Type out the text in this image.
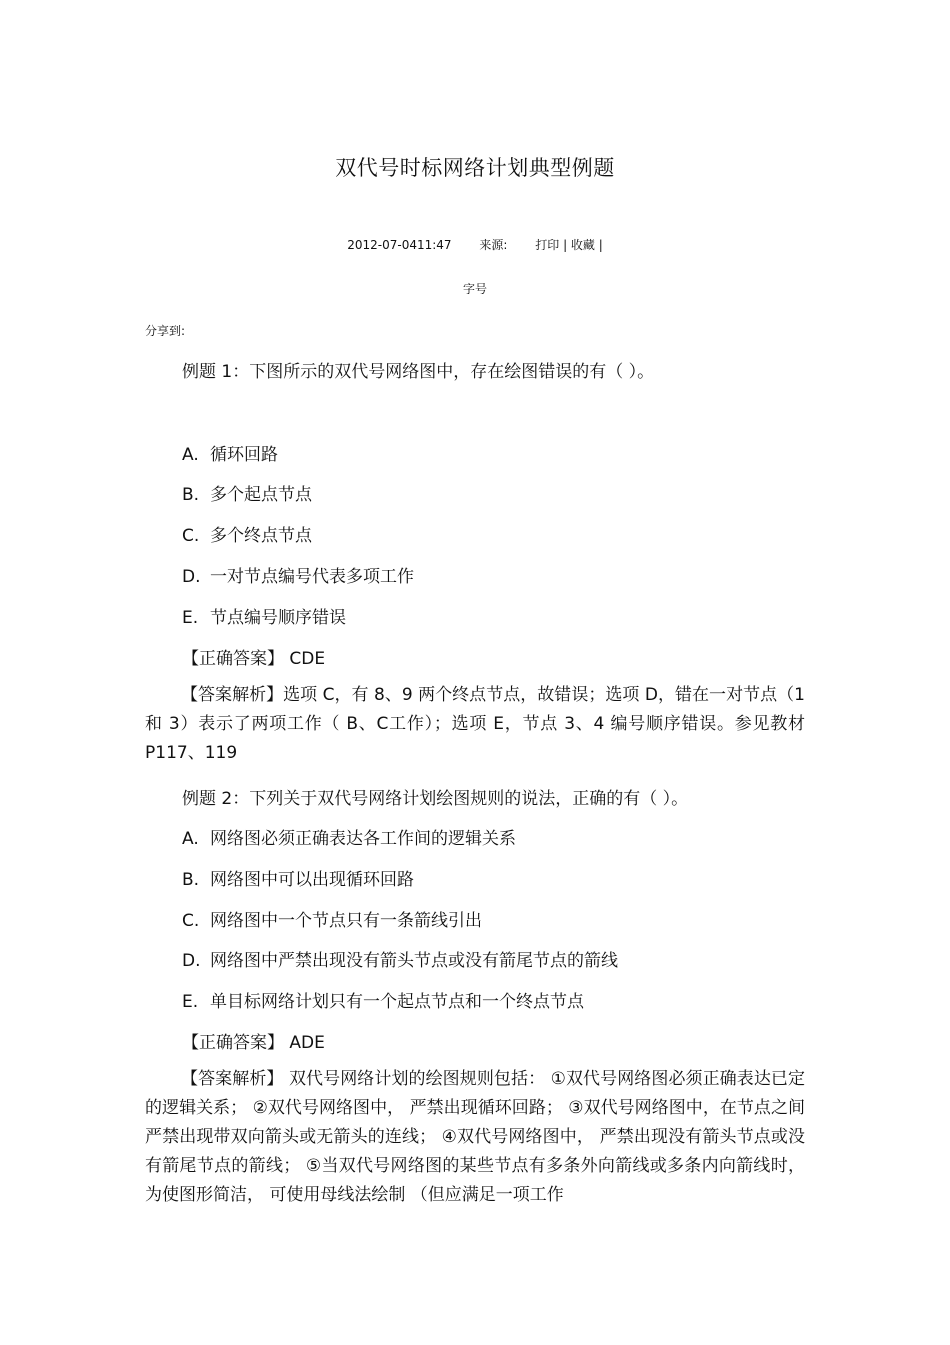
双代号时标网络计划典型例题
2012-07-0411:47 来源: 打印 | 收藏 |
字号
分享到:
例题 1：下图所示的双代号网络图中，存在绘图错误的有（ ）。
A. 循环回路
B. 多个起点节点
C. 多个终点节点
D. 一对节点编号代表多项工作
E. 节点编号顺序错误
【正确答案】 CDE
【答案解析】选项 C，有 8、9 两个终点节点，故错误；选项 D，错在一对节点（1 和 3）表示了两项工作（ B、C工作）；选项 E，节点 3、4 编号顺序错误。参见教材 P117、119
例题 2：下列关于双代号网络计划绘图规则的说法，正确的有（ ）。
A. 网络图必须正确表达各工作间的逻辑关系
B. 网络图中可以出现循环回路
C. 网络图中一个节点只有一条箭线引出
D. 网络图中严禁出现没有箭头节点或没有箭尾节点的箭线
E. 单目标网络计划只有一个起点节点和一个终点节点
【正确答案】 ADE
【答案解析】 双代号网络计划的绘图规则包括： ①双代号网络图必须正确表达已定的逻辑关系； ②双代号网络图中， 严禁出现循环回路； ③双代号网络图中，在节点之间严禁出现带双向箭头或无箭头的连线； ④双代号网络图中， 严禁出现没有箭头节点或没有箭尾节点的箭线； ⑤当双代号网络图的某些节点有多条外向箭线或多条内向箭线时， 为使图形简洁， 可使用母线法绘制 （但应满足一项工作
